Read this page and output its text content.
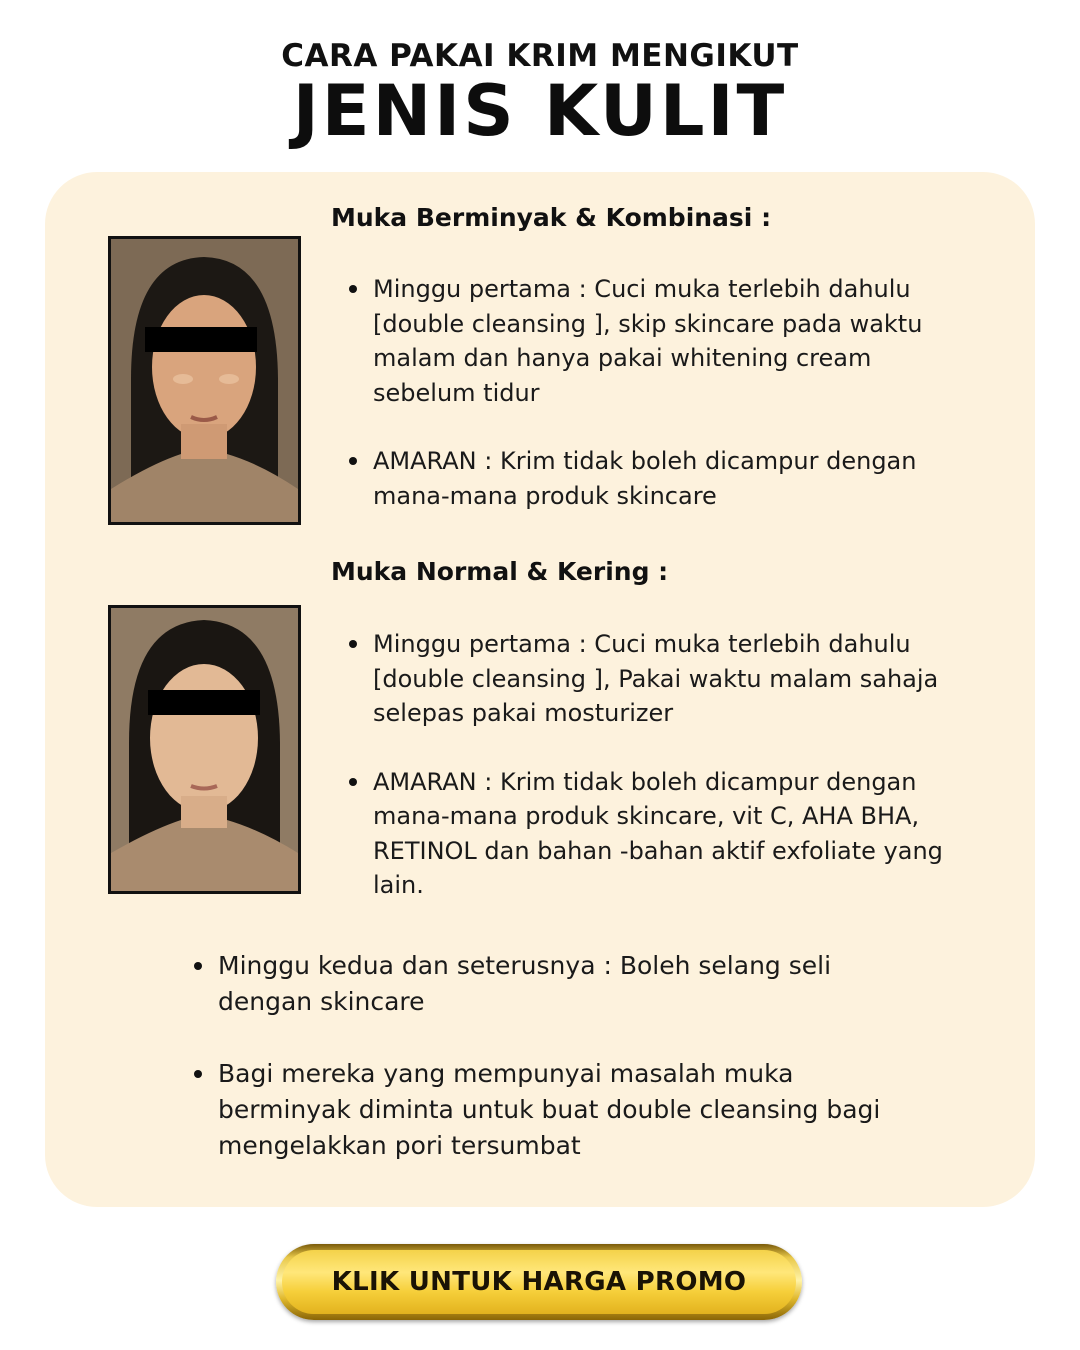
CARA PAKAI KRIM MENGIKUT
JENIS KULIT
Muka Berminyak & Kombinasi :
Minggu pertama : Cuci muka terlebih dahulu [double cleansing ], skip skincare pada waktu malam dan hanya pakai whitening cream sebelum tidur
AMARAN : Krim tidak boleh dicampur dengan mana-mana produk skincare
Muka Normal & Kering :
Minggu pertama : Cuci muka terlebih dahulu [double cleansing ], Pakai waktu malam sahaja selepas pakai mosturizer
AMARAN : Krim tidak boleh dicampur dengan mana-mana produk skincare, vit C, AHA BHA, RETINOL dan bahan -bahan aktif exfoliate yang lain.
Minggu kedua dan seterusnya : Boleh selang seli dengan skincare
Bagi mereka yang mempunyai masalah muka berminyak diminta untuk buat double cleansing bagi mengelakkan pori tersumbat
KLIK UNTUK HARGA PROMO
